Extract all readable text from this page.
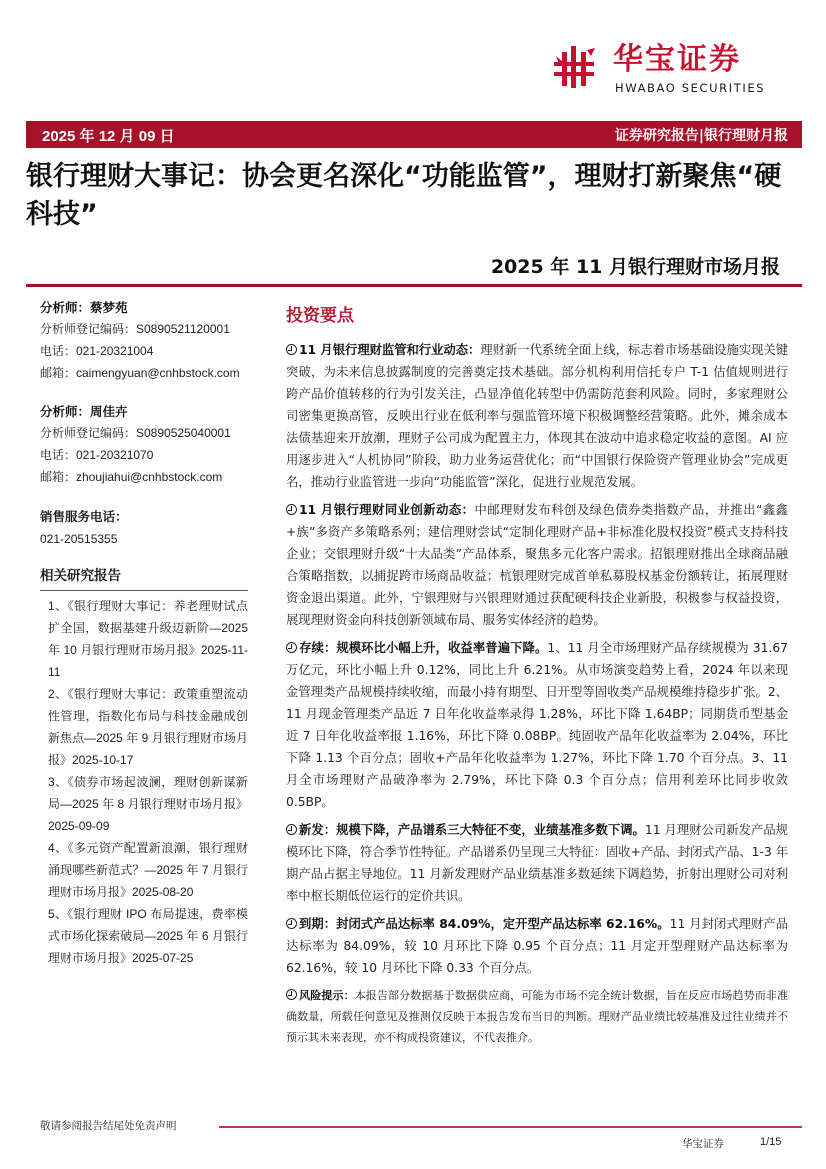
华宝证券
HWABAO SECURITIES
2025 年 12 月 09 日	证券研究报告|银行理财月报
银行理财大事记：协会更名深化“功能监管”，理财打新聚焦“硬科技”
2025 年 11 月银行理财市场月报
分析师：蔡梦苑
分析师登记编码：S0890521120001
电话：021-20321004
邮箱：caimengyuan@cnhbstock.com
分析师：周佳卉
分析师登记编码：S0890525040001
电话：021-20321070
邮箱：zhoujiahui@cnhbstock.com
销售服务电话：
021-20515355
相关研究报告
1、《银行理财大事记：养老理财试点扩全国，数据基建升级迈新阶—2025 年 10 月银行理财市场月报》2025-11-11
2、《银行理财大事记：政策重塑流动性管理，指数化布局与科技金融成创新焦点—2025 年 9 月银行理财市场月报》2025-10-17
3、《债券市场起波澜，理财创新谋新局—2025 年 8 月银行理财市场月报》2025-09-09
4、《多元资产配置新浪潮，银行理财涌现哪些新范式？—2025 年 7 月银行理财市场月报》2025-08-20
5、《银行理财 IPO 布局提速，费率模式市场化探索破局—2025 年 6 月银行理财市场月报》2025-07-25
投资要点

11 月银行理财监管和行业动态：理财新一代系统全面上线，标志着市场基础设施实现关键突破，为未来信息披露制度的完善奠定技术基础。部分机构利用信托专户 T-1 估值规则进行跨产品价值转移的行为引发关注，凸显净值化转型中仍需防范套利风险。同时，多家理财公司密集更换高管，反映出行业在低利率与强监管环境下积极调整经营策略。此外，摊余成本法债基迎来开放潮，理财子公司成为配置主力，体现其在波动中追求稳定收益的意图。AI 应用逐步进入“人机协同”阶段，助力业务运营优化；而“中国银行保险资产管理业协会”完成更名，推动行业监管进一步向“功能监管”深化，促进行业规范发展。

11 月银行理财同业创新动态：中邮理财发布科创及绿色债券类指数产品，并推出“鑫鑫+族”多资产多策略系列；建信理财尝试“定制化理财产品+非标准化股权投资”模式支持科技企业；交银理财升级“十大品类”产品体系，聚焦多元化客户需求。招银理财推出全球商品融合策略指数，以捕捉跨市场商品收益；杭银理财完成首单私募股权基金份额转让，拓展理财资金退出渠道。此外，宁银理财与兴银理财通过获配硬科技企业新股，积极参与权益投资，展现理财资金向科技创新领域布局、服务实体经济的趋势。

存续：规模环比小幅上升，收益率普遍下降。1、11 月全市场理财产品存续规模为 31.67 万亿元，环比小幅上升 0.12%，同比上升 6.21%。从市场演变趋势上看，2024 年以来现金管理类产品规模持续收缩，而最小持有期型、日开型等固收类产品规模维持稳步扩张。2、11 月现金管理类产品近 7 日年化收益率录得 1.28%，环比下降 1.64BP；同期货币型基金近 7 日年化收益率报 1.16%，环比下降 0.08BP。纯固收产品年化收益率为 2.04%，环比下降 1.13 个百分点；固收+产品年化收益率为 1.27%，环比下降 1.70 个百分点。3、11 月全市场理财产品破净率为 2.79%，环比下降 0.3 个百分点；信用利差环比同步收敛 0.5BP。

新发：规模下降，产品谱系三大特征不变，业绩基准多数下调。11 月理财公司新发产品规模环比下降，符合季节性特征。产品谱系仍呈现三大特征：固收+产品、封闭式产品、1-3 年期产品占据主导地位。11 月新发理财产品业绩基准多数延续下调趋势，折射出理财公司对利率中枢长期低位运行的定价共识。

到期：封闭式产品达标率 84.09%，定开型产品达标率 62.16%。11 月封闭式理财产品达标率为 84.09%，较 10 月环比下降 0.95 个百分点；11 月定开型理财产品达标率为 62.16%，较 10 月环比下降 0.33 个百分点。

风险提示：本报告部分数据基于数据供应商，可能为市场不完全统计数据，旨在反应市场趋势而非准确数量，所载任何意见及推测仅反映于本报告发布当日的判断。理财产品业绩比较基准及过往业绩并不预示其未来表现，亦不构成投资建议，不代表推介。

敬请参阅报告结尾处免责声明
华宝证券	1/15
